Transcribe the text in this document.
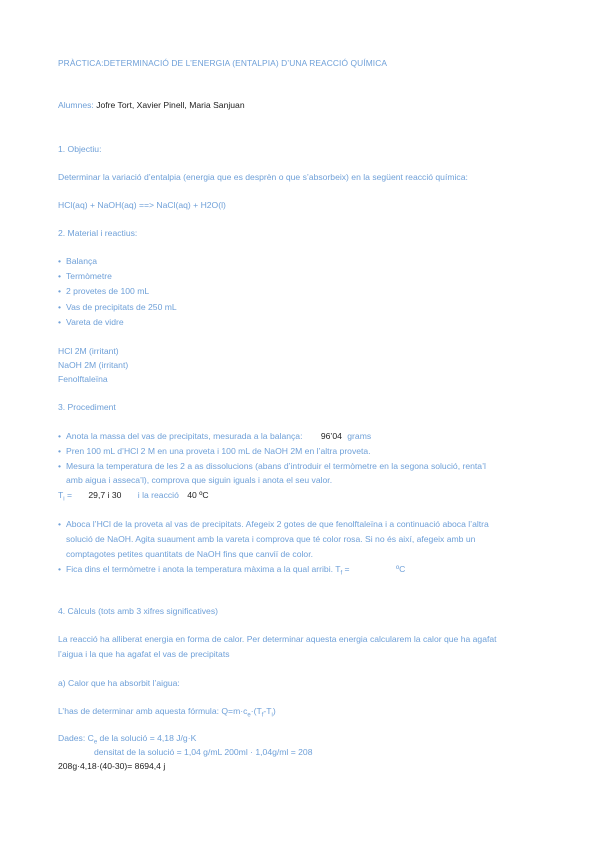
PRÀCTICA:DETERMINACIÓ DE L’ENERGIA (ENTALPIA) D’UNA REACCIÓ QUÍMICA
Alumnes: Jofre Tort, Xavier Pinell, Maria Sanjuan
1. Objectiu:
Determinar la variació d’entalpia (energia que es desprèn o que s’absorbeix) en la següent reacció química:
HCl(aq) + NaOH(aq) ==> NaCl(aq) + H2O(l)
2. Material i reactius:
• Balança
• Termòmetre
• 2 provetes de 100 mL
• Vas de precipitats de 250 mL
• Vareta de vidre
HCl 2M (irritant)
NaOH 2M (irritant)
Fenolftaleïna
3. Procediment
• Anota la massa del vas de precipitats, mesurada a la balança: 96’04 grams
• Pren 100 mL d’HCl 2 M en una proveta i 100 mL de NaOH 2M en l’altra proveta.
• Mesura la temperatura de les 2 a as dissolucions (abans d’introduir el termòmetre en la segona solució, renta’l
amb aigua i asseca’l), comprova que siguin iguals i anota el seu valor.
$T_i = 29,7$ i 30 i la reacció 40 ºC
• Aboca l’HCl de la proveta al vas de precipitats. Afegeix 2 gotes de que fenolftaleïna i a continuació aboca l’altra
solució de NaOH. Agita suaument amb la vareta i comprova que té color rosa. Si no és així, afegeix amb un
comptagotes petites quantitats de NaOH fins que canviï de color.
• Fica dins el termòmetre i anota la temperatura màxima a la qual arribi. $T_f$ =	ºC
4. Càlculs (tots amb 3 xifres significatives)
La reacció ha alliberat energia en forma de calor. Per determinar aquesta energia calcularem la calor que ha agafat
l’aigua i la que ha agafat el vas de precipitats
a) Calor que ha absorbit l’aigua:
L’has de determinar amb aquesta fórmula: $Q=m\cdot c_e\cdot(T_f-T_i)$
Dades: $C_e$ de la solució = 4,18 J/g·K
densitat de la solució = 1,04 g/mL 200ml · 1,04g/ml = 208
208g·4,18·(40-30)= 8694,4 j
